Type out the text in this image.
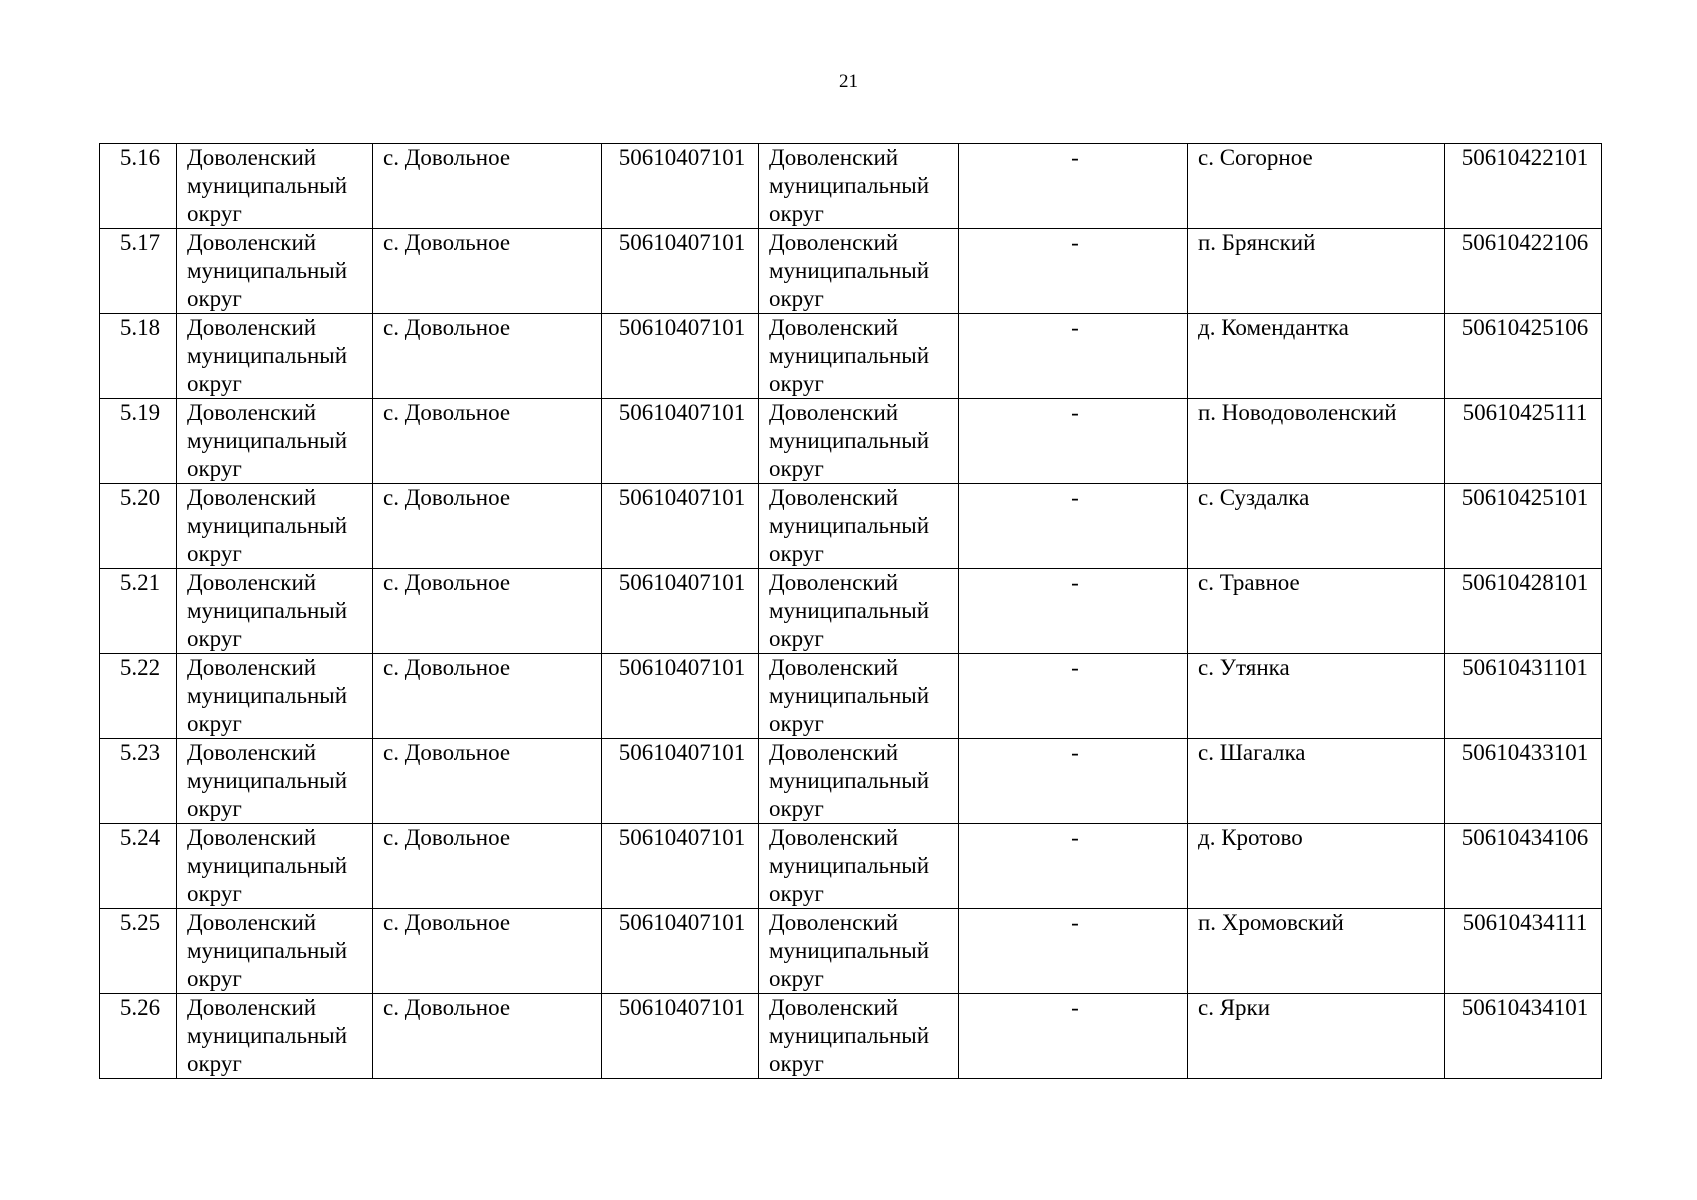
21
5.16	Доволенский
муниципальный
округ	с. Довольное	50610407101	Доволенский
муниципальный
округ	-	с. Согорное	50610422101
5.17	Доволенский
муниципальный
округ	с. Довольное	50610407101	Доволенский
муниципальный
округ	-	п. Брянский	50610422106
5.18	Доволенский
муниципальный
округ	с. Довольное	50610407101	Доволенский
муниципальный
округ	-	д. Комендантка	50610425106
5.19	Доволенский
муниципальный
округ	с. Довольное	50610407101	Доволенский
муниципальный
округ	-	п. Новодоволенский	50610425111
5.20	Доволенский
муниципальный
округ	с. Довольное	50610407101	Доволенский
муниципальный
округ	-	с. Суздалка	50610425101
5.21	Доволенский
муниципальный
округ	с. Довольное	50610407101	Доволенский
муниципальный
округ	-	с. Травное	50610428101
5.22	Доволенский
муниципальный
округ	с. Довольное	50610407101	Доволенский
муниципальный
округ	-	с. Утянка	50610431101
5.23	Доволенский
муниципальный
округ	с. Довольное	50610407101	Доволенский
муниципальный
округ	-	с. Шагалка	50610433101
5.24	Доволенский
муниципальный
округ	с. Довольное	50610407101	Доволенский
муниципальный
округ	-	д. Кротово	50610434106
5.25	Доволенский
муниципальный
округ	с. Довольное	50610407101	Доволенский
муниципальный
округ	-	п. Хромовский	50610434111
5.26	Доволенский
муниципальный
округ	с. Довольное	50610407101	Доволенский
муниципальный
округ	-	с. Ярки	50610434101
